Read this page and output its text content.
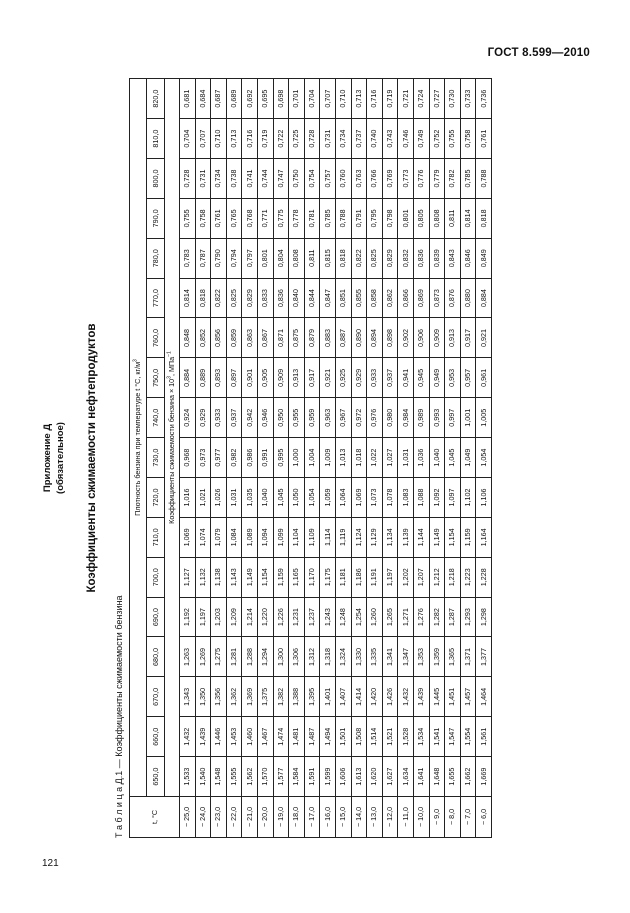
ГОСТ 8.599—2010
121
Приложение Д (обязательное) Коэффициенты сжимаемости нефтепродуктов
Т а б л и ц а Д.1 — Коэффициенты сжимаемости бензина	t, °С	Плотность бензина при температуре t °С, $кг/м^3$
	650,0	660,0	670,0	680,0	690,0	700,0	710,0	720,0	730,0	740,0	750,0	760,0	770,0	780,0	790,0	800,0	810,0	820,0
	Коэффициенты сжимаемости бензина × $10^3$, МПа$^{-1}$
− 25,0	1,533	1,432	1,343	1,263	1,192	1,127	1,069	1,016	0,968	0,924	0,884	0,848	0,814	0,783	0,755	0,728	0,704	0,681
− 24,0	1,540	1,439	1,350	1,269	1,197	1,132	1,074	1,021	0,973	0,929	0,889	0,852	0,818	0,787	0,758	0,731	0,707	0,684
− 23,0	1,548	1,446	1,356	1,275	1,203	1,138	1,079	1,026	0,977	0,933	0,893	0,856	0,822	0,790	0,761	0,734	0,710	0,687
− 22,0	1,555	1,453	1,362	1,281	1,209	1,143	1,084	1,031	0,982	0,937	0,897	0,859	0,825	0,794	0,765	0,738	0,713	0,689
− 21,0	1,562	1,460	1,369	1,288	1,214	1,149	1,089	1,035	0,986	0,942	0,901	0,863	0,829	0,797	0,768	0,741	0,716	0,692
− 20,0	1,570	1,467	1,375	1,294	1,220	1,154	1,094	1,040	0,991	0,946	0,905	0,867	0,833	0,801	0,771	0,744	0,719	0,695
− 19,0	1,577	1,474	1,382	1,300	1,226	1,159	1,099	1,045	0,995	0,950	0,909	0,871	0,836	0,804	0,775	0,747	0,722	0,698
− 18,0	1,584	1,481	1,388	1,306	1,231	1,165	1,104	1,050	1,000	0,955	0,913	0,875	0,840	0,808	0,778	0,750	0,725	0,701
− 17,0	1,591	1,487	1,395	1,312	1,237	1,170	1,109	1,054	1,004	0,959	0,917	0,879	0,844	0,811	0,781	0,754	0,728	0,704
− 16,0	1,599	1,494	1,401	1,318	1,243	1,175	1,114	1,059	1,009	0,963	0,921	0,883	0,847	0,815	0,785	0,757	0,731	0,707
− 15,0	1,606	1,501	1,407	1,324	1,248	1,181	1,119	1,064	1,013	0,967	0,925	0,887	0,851	0,818	0,788	0,760	0,734	0,710
− 14,0	1,613	1,508	1,414	1,330	1,254	1,186	1,124	1,069	1,018	0,972	0,929	0,890	0,855	0,822	0,791	0,763	0,737	0,713
− 13,0	1,620	1,514	1,420	1,335	1,260	1,191	1,129	1,073	1,022	0,976	0,933	0,894	0,858	0,825	0,795	0,766	0,740	0,716
− 12,0	1,627	1,521	1,426	1,341	1,265	1,197	1,134	1,078	1,027	0,980	0,937	0,898	0,862	0,829	0,798	0,769	0,743	0,719
− 11,0	1,634	1,528	1,432	1,347	1,271	1,202	1,139	1,083	1,031	0,984	0,941	0,902	0,866	0,832	0,801	0,773	0,746	0,721
− 10,0	1,641	1,534	1,439	1,353	1,276	1,207	1,144	1,088	1,036	0,989	0,945	0,906	0,869	0,836	0,805	0,776	0,749	0,724
− 9,0	1,648	1,541	1,445	1,359	1,282	1,212	1,149	1,092	1,040	0,993	0,949	0,909	0,873	0,839	0,808	0,779	0,752	0,727
− 8,0	1,655	1,547	1,451	1,365	1,287	1,218	1,154	1,097	1,045	0,997	0,953	0,913	0,876	0,843	0,811	0,782	0,755	0,730
− 7,0	1,662	1,554	1,457	1,371	1,293	1,223	1,159	1,102	1,049	1,001	0,957	0,917	0,880	0,846	0,814	0,785	0,758	0,733
− 6,0	1,669	1,561	1,464	1,377	1,298	1,228	1,164	1,106	1,054	1,005	0,961	0,921	0,884	0,849	0,818	0,788	0,761	0,736
